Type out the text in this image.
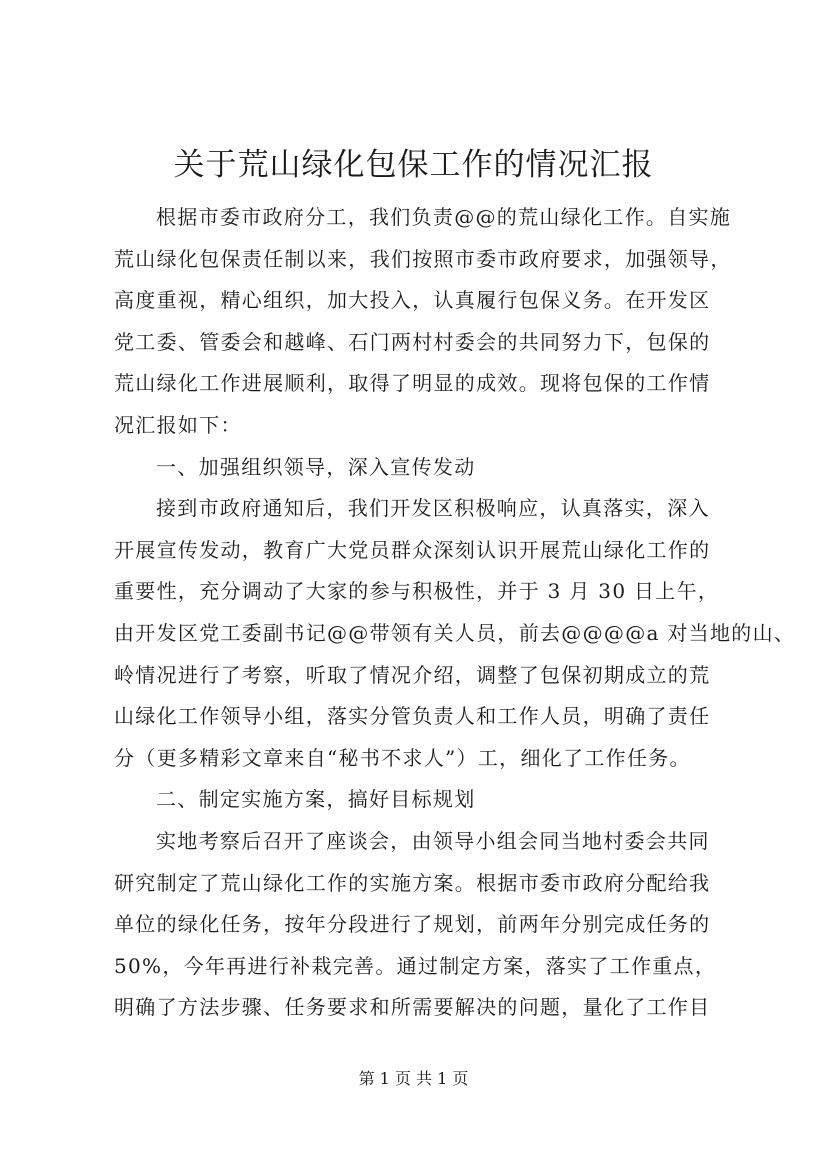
关于荒山绿化包保工作的情况汇报
根据市委市政府分工，我们负责@@的荒山绿化工作。自实施
荒山绿化包保责任制以来，我们按照市委市政府要求，加强领导，
高度重视，精心组织，加大投入，认真履行包保义务。在开发区
党工委、管委会和越峰、石门两村村委会的共同努力下，包保的
荒山绿化工作进展顺利，取得了明显的成效。现将包保的工作情
况汇报如下：
一、加强组织领导，深入宣传发动
接到市政府通知后，我们开发区积极响应，认真落实，深入
开展宣传发动，教育广大党员群众深刻认识开展荒山绿化工作的
重要性，充分调动了大家的参与积极性，并于 3 月 30 日上午，
由开发区党工委副书记@@带领有关人员，前去@@@@a 对当地的山、
岭情况进行了考察，听取了情况介绍，调整了包保初期成立的荒
山绿化工作领导小组，落实分管负责人和工作人员，明确了责任
分（更多精彩文章来自“秘书不求人”）工，细化了工作任务。
二、制定实施方案，搞好目标规划
实地考察后召开了座谈会，由领导小组会同当地村委会共同
研究制定了荒山绿化工作的实施方案。根据市委市政府分配给我
单位的绿化任务，按年分段进行了规划，前两年分别完成任务的
50%，今年再进行补栽完善。通过制定方案，落实了工作重点，
明确了方法步骤、任务要求和所需要解决的问题，量化了工作目
第 1 页 共 1 页
